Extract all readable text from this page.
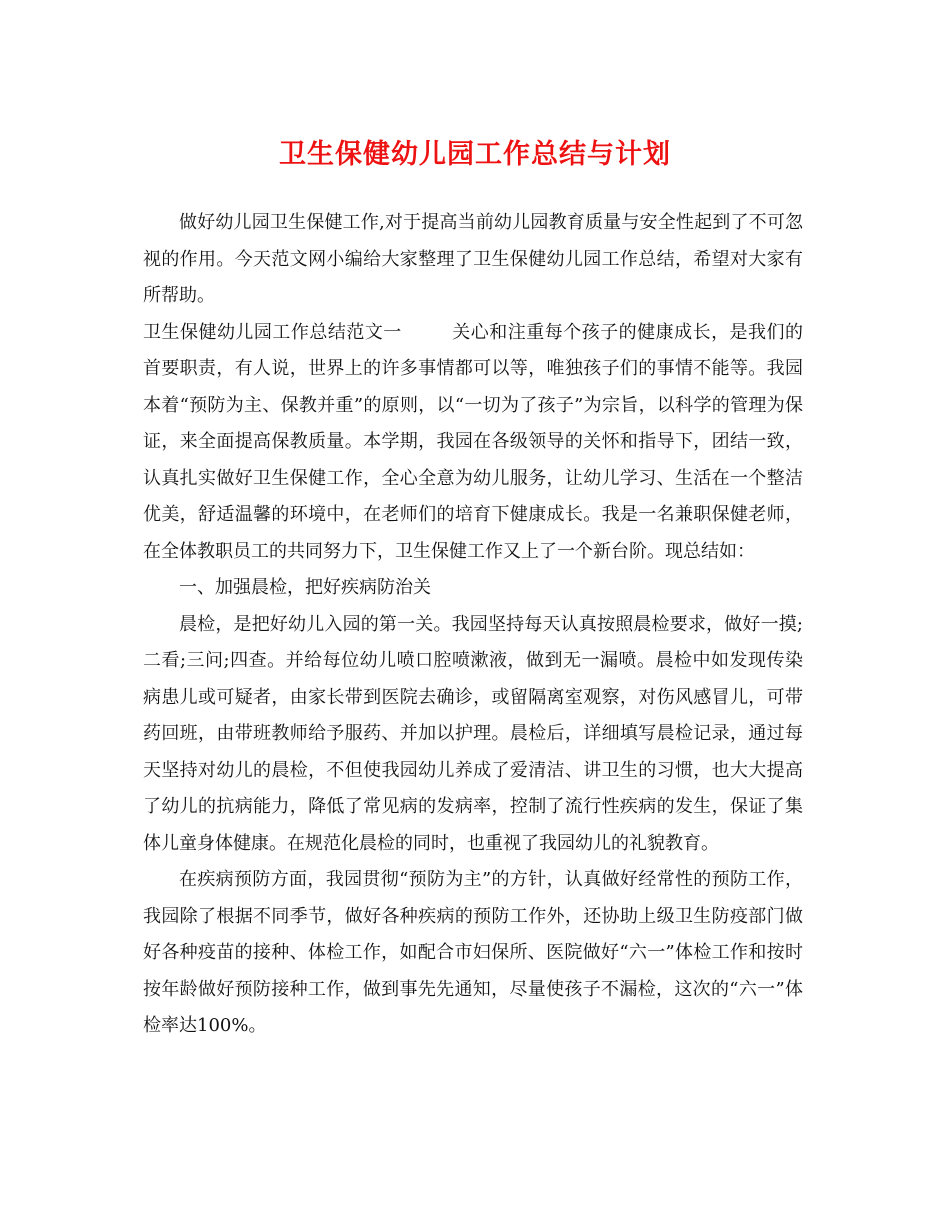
卫生保健幼儿园工作总结与计划

做好幼儿园卫生保健工作,对于提高当前幼儿园教育质量与安全性起到了不可忽视的作用。今天范文网小编给大家整理了卫生保健幼儿园工作总结，希望对大家有所帮助。

卫生保健幼儿园工作总结范文一	关心和注重每个孩子的健康成长，是我们的首要职责，有人说，世界上的许多事情都可以等，唯独孩子们的事情不能等。我园本着“预防为主、保教并重”的原则，以“一切为了孩子”为宗旨，以科学的管理为保证，来全面提高保教质量。本学期，我园在各级领导的关怀和指导下，团结一致，认真扎实做好卫生保健工作，全心全意为幼儿服务，让幼儿学习、生活在一个整洁优美，舒适温馨的环境中，在老师们的培育下健康成长。我是一名兼职保健老师，在全体教职员工的共同努力下，卫生保健工作又上了一个新台阶。现总结如：

一、加强晨检，把好疾病防治关

晨检，是把好幼儿入园的第一关。我园坚持每天认真按照晨检要求，做好一摸;二看;三问;四查。并给每位幼儿喷口腔喷漱液，做到无一漏喷。晨检中如发现传染病患儿或可疑者，由家长带到医院去确诊，或留隔离室观察，对伤风感冒儿，可带药回班，由带班教师给予服药、并加以护理。晨检后，详细填写晨检记录，通过每天坚持对幼儿的晨检，不但使我园幼儿养成了爱清洁、讲卫生的习惯，也大大提高了幼儿的抗病能力，降低了常见病的发病率，控制了流行性疾病的发生，保证了集体儿童身体健康。在规范化晨检的同时，也重视了我园幼儿的礼貌教育。

在疾病预防方面，我园贯彻“预防为主”的方针，认真做好经常性的预防工作，我园除了根据不同季节，做好各种疾病的预防工作外，还协助上级卫生防疫部门做好各种疫苗的接种、体检工作，如配合市妇保所、医院做好“六一”体检工作和按时按年龄做好预防接种工作，做到事先先通知，尽量使孩子不漏检，这次的“六一”体检率达100%。
